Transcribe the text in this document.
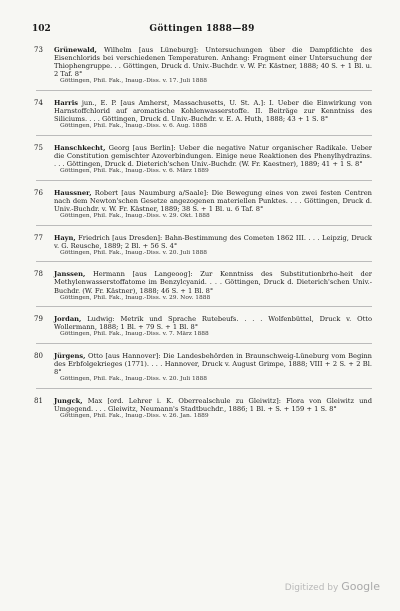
102	Göttingen 1888—89
73	Grünewald, Wilhelm [aus Lüneburg]: Untersuchungen über die Dampfdichte des Eisenchlorids bei verschiedenen Temperaturen. Anhang: Fragment einer Untersuchung der Thiophengruppe. . . Göttingen, Druck d. Univ.-Buchdr. v. W. Fr. Kästner, 1888; 40 S. + 1 Bl. u. 2 Taf. 8°
Göttingen, Phil. Fak., Inaug.-Diss. v. 17. Juli 1888
74	Harris jun., E. P. [aus Amherst, Massachusetts, U. St. A.]: I. Ueber die Einwirkung von Harnstoffchlorid auf aromatische Kohlenwasserstoffe. II. Beiträge zur Kenntniss des Siliciums. . . . Göttingen, Druck d. Univ.-Buchdr. v. E. A. Huth, 1888; 43 + 1 S. 8°
Göttingen, Phil. Fak., Inaug.-Diss. v. 6. Aug. 1888
75	Hanschkecht, Georg [aus Berlin]: Ueber die negative Natur organischer Radikale. Ueber die Constitution gemischter Azoverbindungen. Einige neue Reaktionen des Phenylhydrazins. . . . Göttingen, Druck d. Dieterich'schen Univ.-Buchdr. (W. Fr. Kaestner), 1889; 41 + 1 S. 8°
Göttingen, Phil. Fak., Inaug.-Diss. v. 6. März 1889
76	Haussner, Robert [aus Naumburg a/Saale]: Die Bewegung eines von zwei festen Centren nach dem Newton'schen Gesetze angezogenen materiellen Punktes. . . . Göttingen, Druck d. Univ.-Buchdr. v. W. Fr. Kästner, 1889; 38 S. + 1 Bl. u. 6 Taf. 8°
Göttingen, Phil. Fak., Inaug.-Diss. v. 29. Okt. 1888
77	Hayn, Friedrich [aus Dresden]: Bahn-Bestimmung des Cometen 1862 III. . . . Leipzig, Druck v. G. Reusche, 1889; 2 Bl. + 56 S. 4°
Göttingen, Phil. Fak., Inaug.-Diss. v. 20. Juli 1888
78	Janssen, Hermann [aus Langeoog]: Zur Kenntniss des Substitutionbrho-heit der Methylenwasserstoffatome im Benzylcyanid. . . . Göttingen, Druck d. Dieterich'schen Univ.-Buchdr. (W. Fr. Kästner), 1888; 46 S. + 1 Bl. 8°
Göttingen, Phil. Fak., Inaug.-Diss. v. 29. Nov. 1888
79	Jordan, Ludwig: Metrik und Sprache Rutebeufs. . . . Wolfenbüttel, Druck v. Otto Wollermann, 1888; 1 Bl. + 79 S. + 1 Bl. 8°
Göttingen, Phil. Fak., Inaug.-Diss. v. 7. März 1888
80	Jürgens, Otto [aus Hannover]: Die Landesbehörden in Braunschweig-Lüneburg vom Beginn des Erbfolgekrieges (1771). . . . Hannover, Druck v. August Grimpe, 1888; VIII + 2 S. + 2 Bl. 8°
Göttingen, Phil. Fak., Inaug.-Diss. v. 20. Juli 1888
81	Jungck, Max [ord. Lehrer i. K. Oberrealschule zu Gleiwitz]: Flora von Gleiwitz und Umgegend. . . . Gleiwitz, Neumann's Stadtbuchdr., 1886; 1 Bl. + S. + 159 + 1 S. 8°
Göttingen, Phil. Fak., Inaug.-Diss. v. 26. Jan. 1889
Digitized by Google
